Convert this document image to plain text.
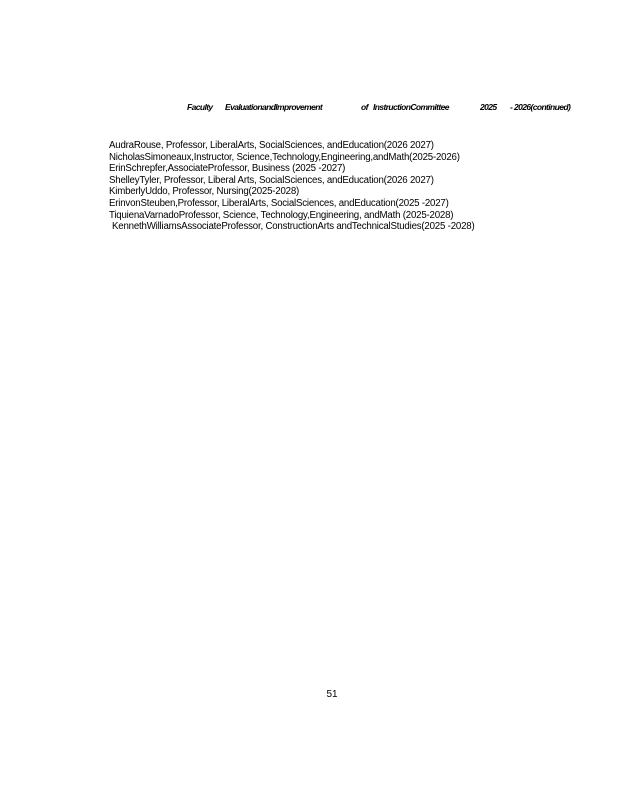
Faculty EvaluationandImprovement	of InstructionCommittee	2025 - 2026(continued)
AudraRouse, Professor, LiberalArts, SocialSciences, andEducation(2026 2027)
NicholasSimoneaux,Instructor, Science,Technology,Engineering,andMath(2025-2026)
ErinSchrepfer,AssociateProfessor, Business (2025 -2027)
ShelleyTyler, Professor, Liberal Arts, SocialSciences, andEducation(2026 2027)
KimberlyUddo, Professor, Nursing(2025-2028)
ErinvonSteuben,Professor, LiberalArts, SocialSciences, andEducation(2025 -2027)
TiquienaVarnadoProfessor, Science, Technology,Engineering, andMath (2025-2028)
KennethWilliamsAssociateProfessor, ConstructionArts andTechnicalStudies(2025 -2028)
51
